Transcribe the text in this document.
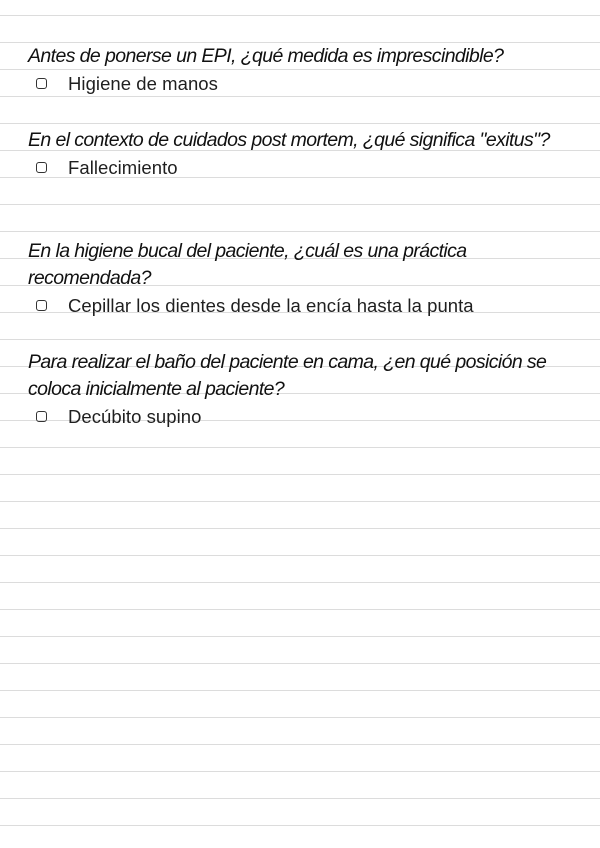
Antes de ponerse un EPI, ¿qué medida es imprescindible?

Higiene de manos

En el contexto de cuidados post mortem, ¿qué significa "exitus"?

Fallecimiento

En la higiene bucal del paciente, ¿cuál es una práctica recomendada?

Cepillar los dientes desde la encía hasta la punta

Para realizar el baño del paciente en cama, ¿en qué posición se coloca inicialmente al paciente?

Decúbito supino
